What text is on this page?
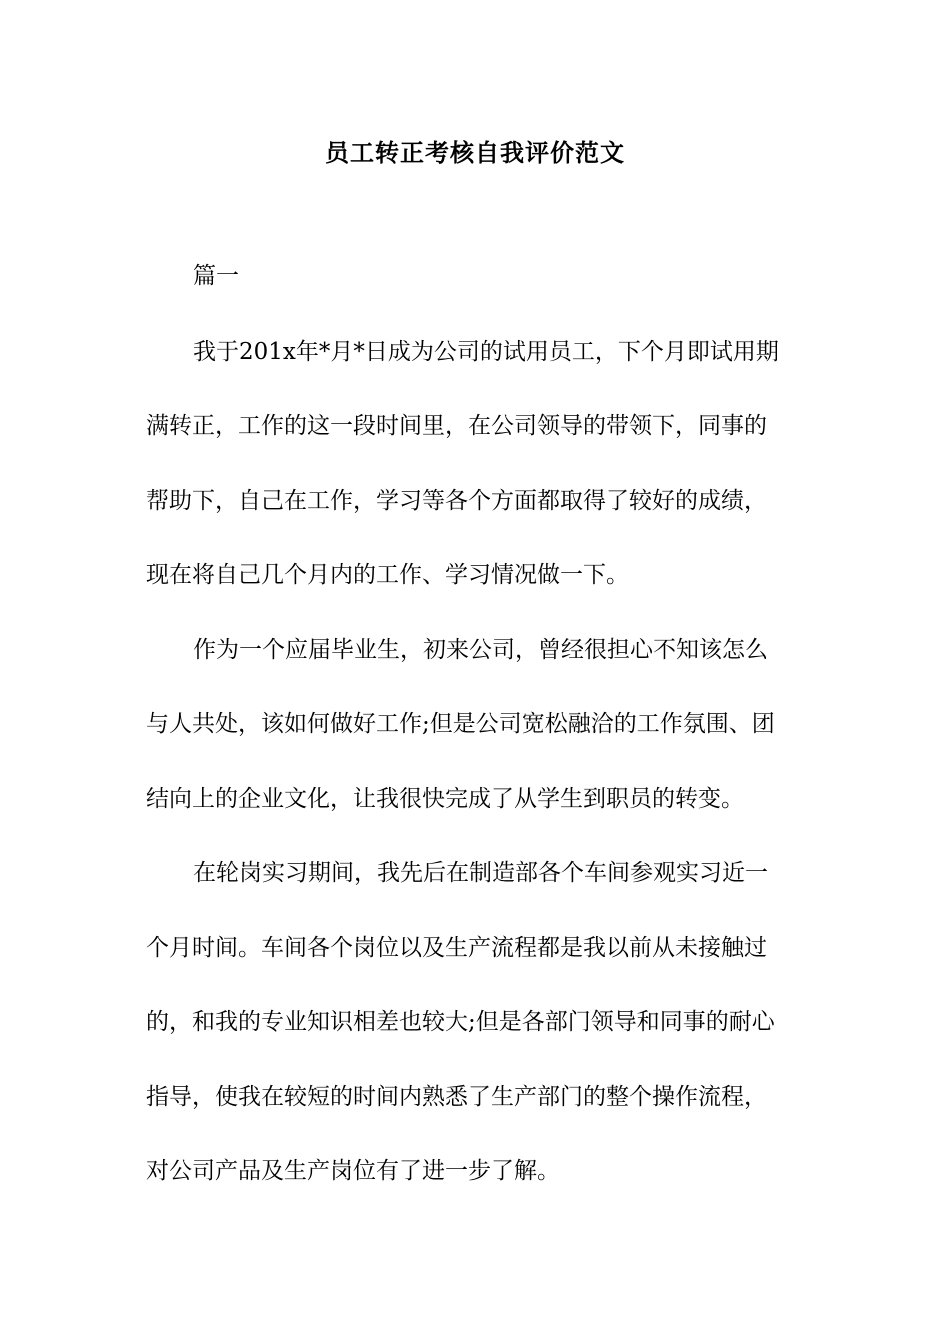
员工转正考核自我评价范文
篇一
我于201x年*月*日成为公司的试用员工，下个月即试用期
满转正，工作的这一段时间里，在公司领导的带领下，同事的
帮助下，自己在工作，学习等各个方面都取得了较好的成绩，
现在将自己几个月内的工作、学习情况做一下。
作为一个应届毕业生，初来公司，曾经很担心不知该怎么
与人共处，该如何做好工作;但是公司宽松融洽的工作氛围、团
结向上的企业文化，让我很快完成了从学生到职员的转变。
在轮岗实习期间，我先后在制造部各个车间参观实习近一
个月时间。车间各个岗位以及生产流程都是我以前从未接触过
的，和我的专业知识相差也较大;但是各部门领导和同事的耐心
指导，使我在较短的时间内熟悉了生产部门的整个操作流程，
对公司产品及生产岗位有了进一步了解。
